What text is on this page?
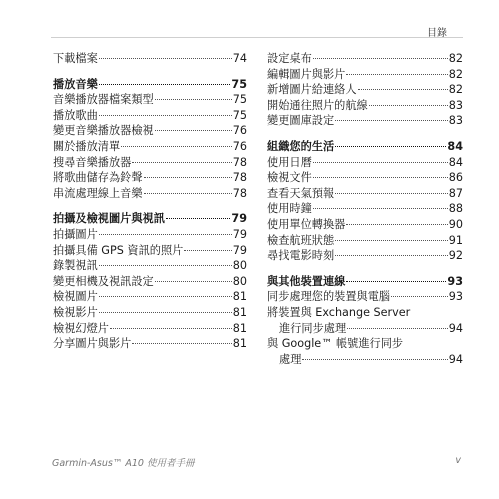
目錄
下載檔案	74
播放音樂	75
音樂播放器檔案類型	75
播放歌曲	75
變更音樂播放器檢視	76
關於播放清單	76
搜尋音樂播放器	78
將歌曲儲存為鈴聲	78
串流處理線上音樂	78
拍攝及檢視圖片與視訊	79
拍攝圖片	79
拍攝具備 GPS 資訊的照片	79
錄製視訊	80
變更相機及視訊設定	80
檢視圖片	81
檢視影片	81
檢視幻燈片	81
分享圖片與影片	81
設定桌布	82
編輯圖片與影片	82
新增圖片給連絡人	82
開始通往照片的航線	83
變更圖庫設定	83
組織您的生活	84
使用日曆	84
檢視文件	86
查看天氣預報	87
使用時鐘	88
使用單位轉換器	90
檢查航班狀態	91
尋找電影時刻	92
與其他裝置連線	93
同步處理您的裝置與電腦	93
將裝置與 Exchange Server
進行同步處理	94
與 Google™ 帳號進行同步
處理	94
Garmin-Asus™ A10 使用者手冊	v
